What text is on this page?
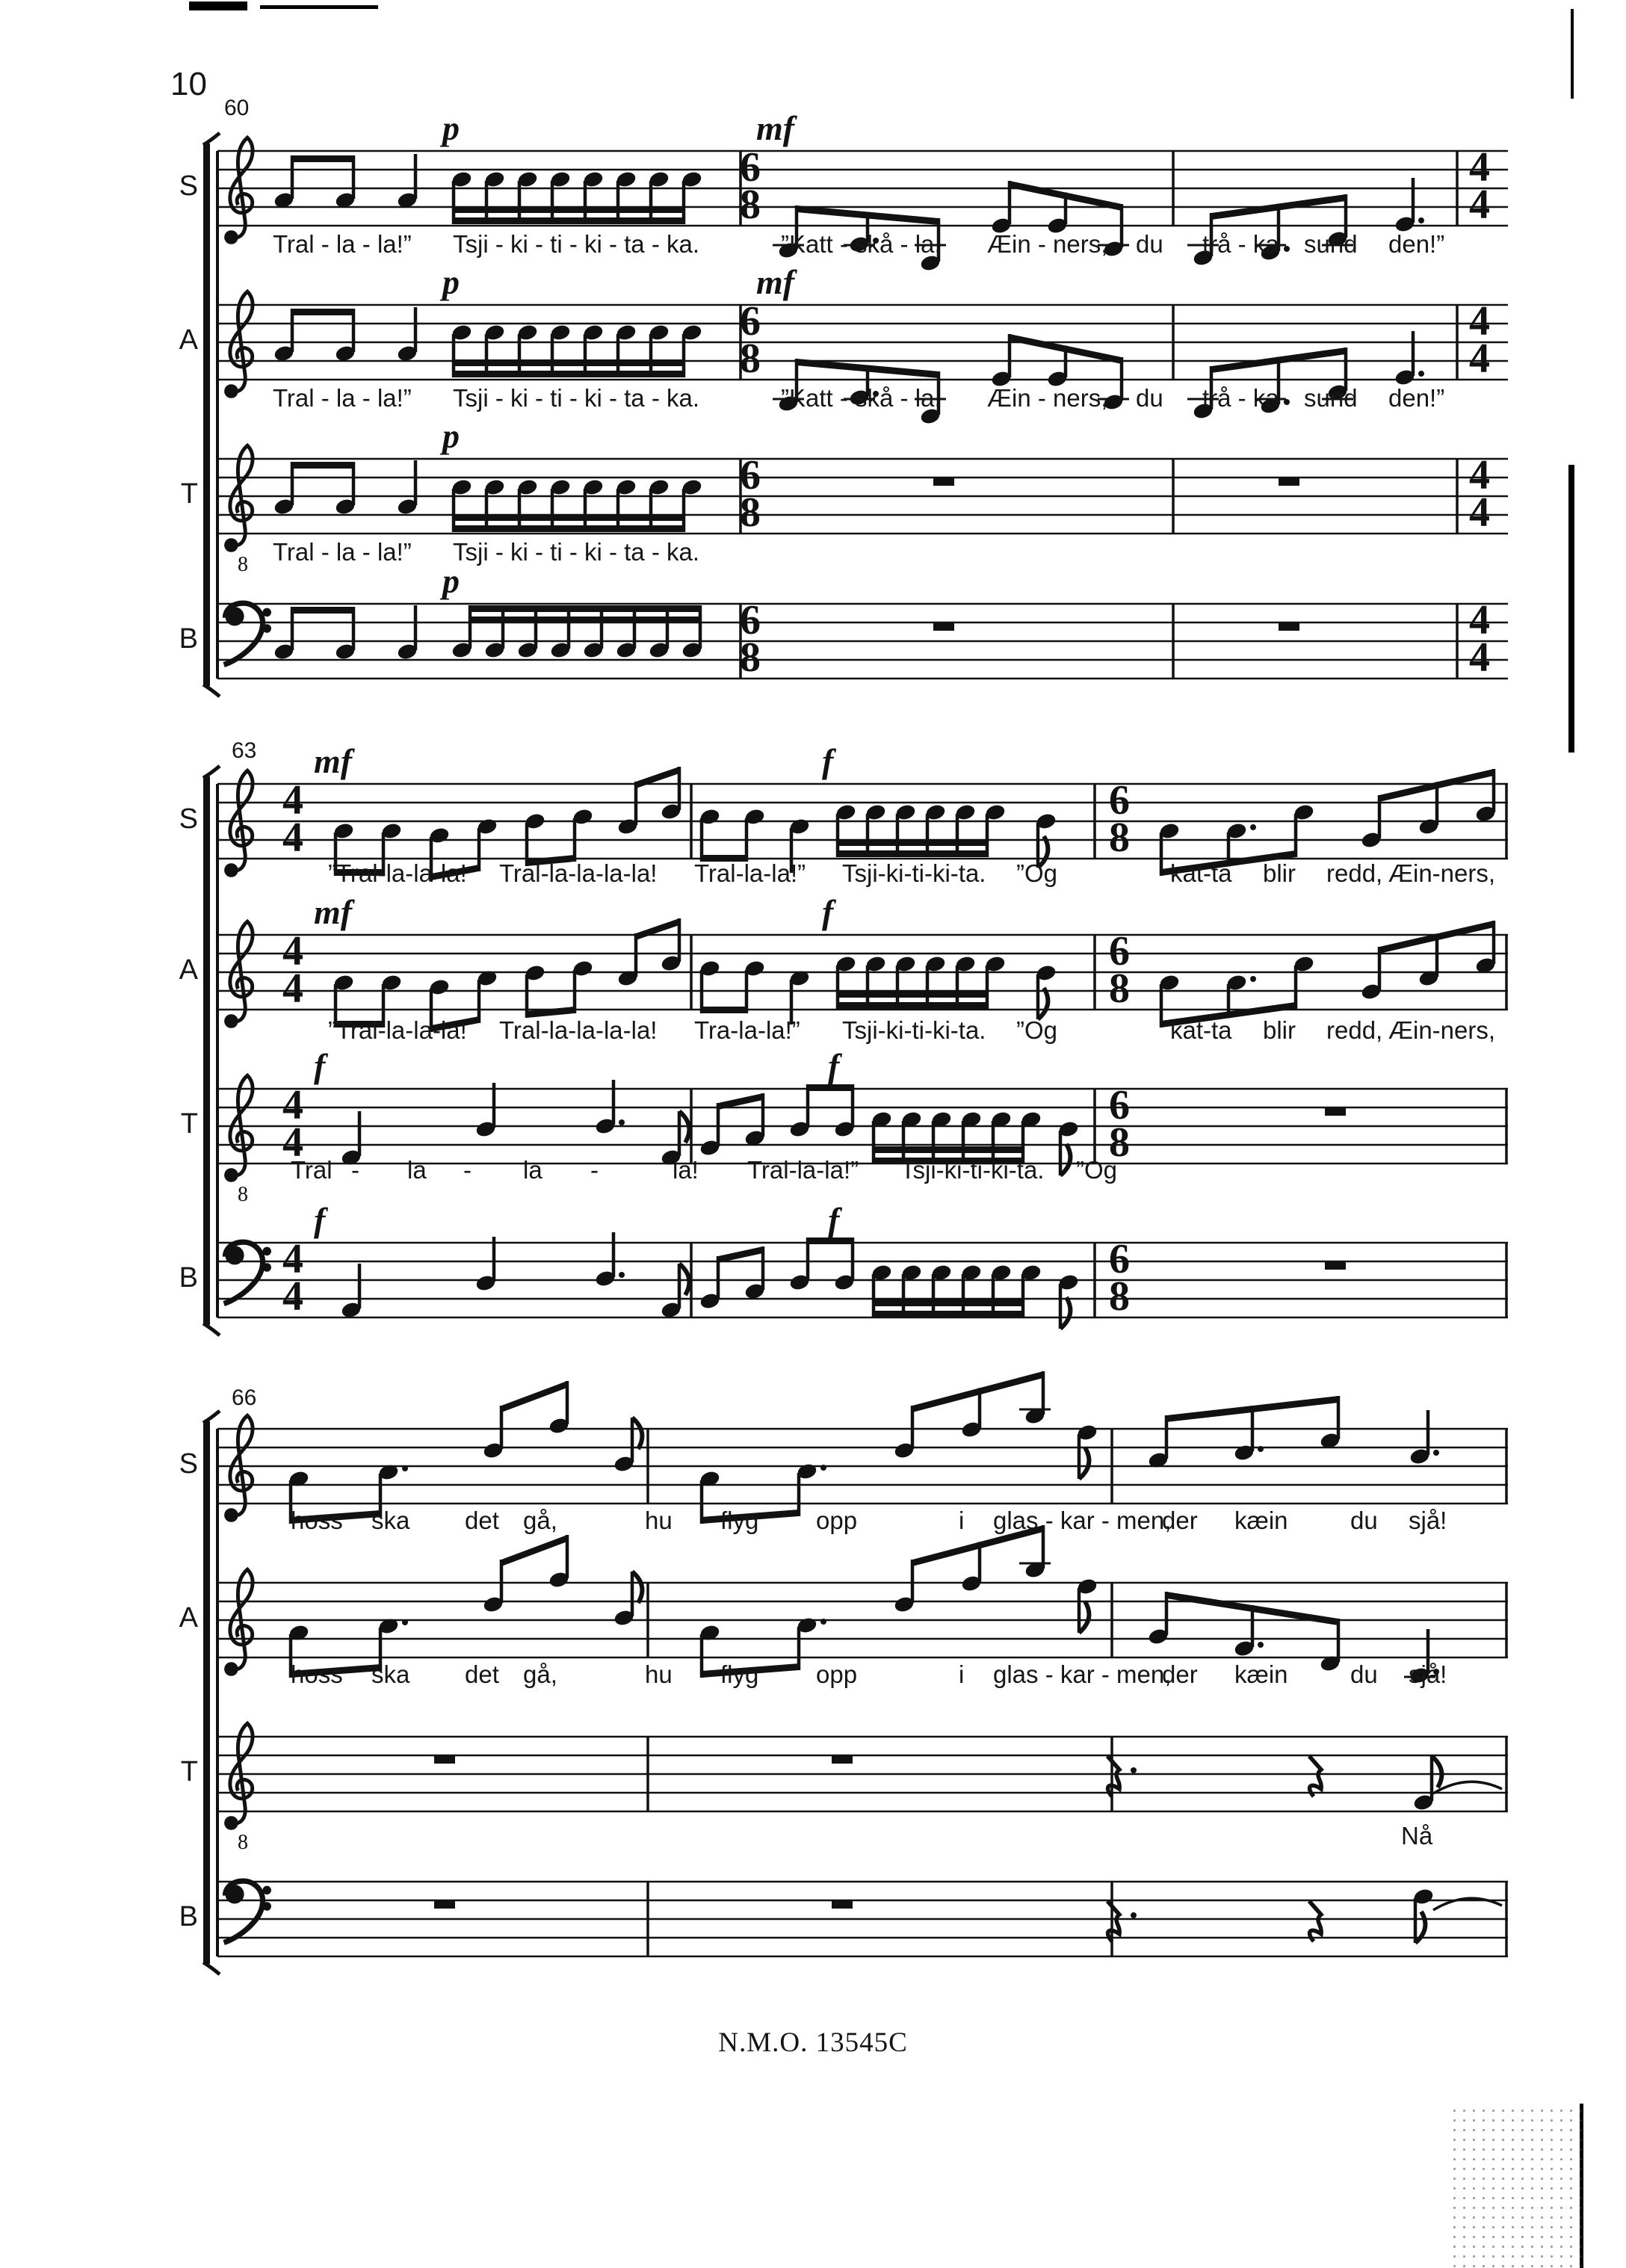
8
8
8
10
60
S
p	mf
6
8
4
4
Tral - la - la!” Tsji - ki - ti - ki - ta - ka.	”Katt - skå - la, Æin - ners, du trå - ka sund den!”
A
p	mf
6
8
4
4
Tral - la - la!” Tsji - ki - ti - ki - ta - ka.	”Katt - skå - la, Æin - ners, du trå - ka sund den!”
T
p
6
8
4
4
Tral - la - la!” Tsji - ki - ti - ki - ta - ka.
B
p
6
8
4
4
63
S
mf	f
4
4
6
8
”Tral-la-la-la! Tral-la-la-la-la! Tral-la-la!” Tsji-ki-ti-ki-ta. ”Og	kat-ta blir redd, Æin-ners,
A
mf	f
4
4
6
8
”Tral-la-la-la! Tral-la-la-la-la! Tra-la-la!” Tsji-ki-ti-ki-ta. ”Og	kat-ta blir redd, Æin-ners,
T
f	f
4
4
6
8
Tral - la - la -	la! Tral-la-la!” Tsji-ki-ti-ki-ta. ”Og
B
f	f
4
4
6
8
66
S
hoss ska det gå,	hu flyg opp	i glas - kar - men,
der kæin	du sjå!
A
hoss ska det gå,	hu flyg opp	i glas - kar - men,
der kæin	du sjå!
T
Nå
B
N.M.O. 13545C
